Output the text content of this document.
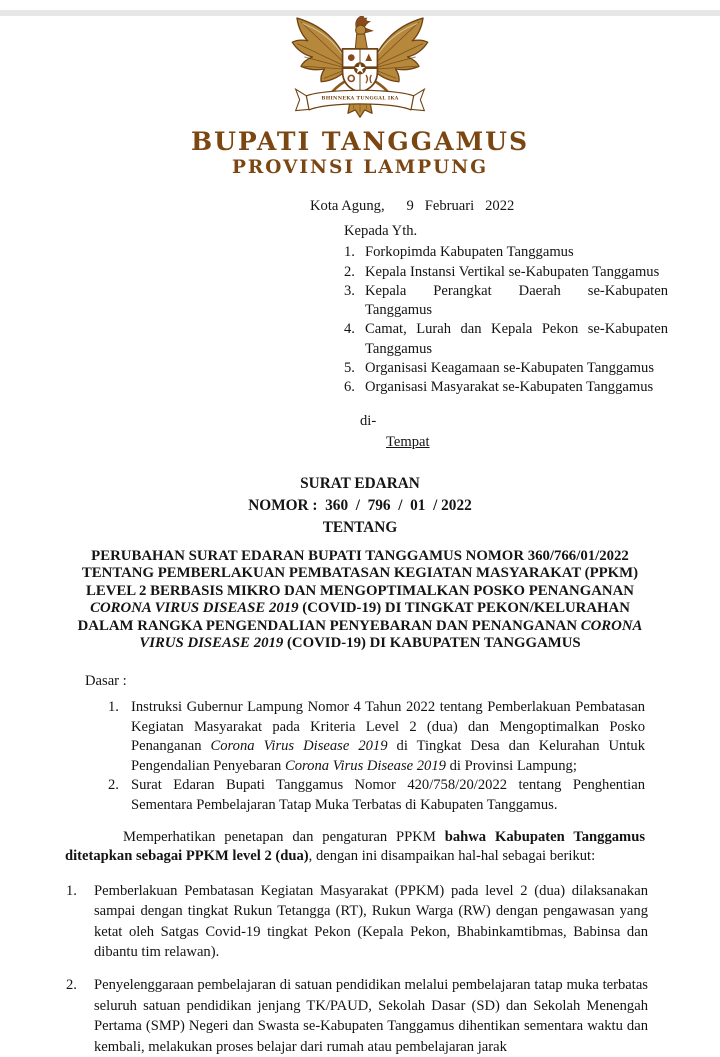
BHINNEKA TUNGGAL IKA
BUPATI TANGGAMUS
PROVINSI LAMPUNG
Kota Agung,      9   Februari   2022
Kepada Yth.
Forkopimda Kabupaten Tanggamus
Kepala Instansi Vertikal se-Kabupaten Tanggamus
Kepala Perangkat Daerah se-Kabupaten Tanggamus
Camat, Lurah dan Kepala Pekon se-Kabupaten Tanggamus
Organisasi Keagamaan se-Kabupaten Tanggamus
Organisasi Masyarakat se-Kabupaten Tanggamus
di-
Tempat
SURAT EDARAN
NOMOR :  360  /  796  /  01  / 2022
TENTANG
PERUBAHAN SURAT EDARAN BUPATI TANGGAMUS NOMOR 360/766/01/2022 TENTANG PEMBERLAKUAN PEMBATASAN KEGIATAN MASYARAKAT (PPKM) LEVEL 2 BERBASIS MIKRO DAN MENGOPTIMALKAN POSKO PENANGANAN CORONA VIRUS DISEASE 2019 (COVID-19) DI TINGKAT PEKON/KELURAHAN DALAM RANGKA PENGENDALIAN PENYEBARAN DAN PENANGANAN CORONA VIRUS DISEASE 2019 (COVID-19) DI KABUPATEN TANGGAMUS
Dasar :
Instruksi Gubernur Lampung Nomor 4 Tahun 2022 tentang Pemberlakuan Pembatasan Kegiatan Masyarakat pada Kriteria Level 2 (dua) dan Mengoptimalkan Posko Penanganan Corona Virus Disease 2019 di Tingkat Desa dan Kelurahan Untuk Pengendalian Penyebaran Corona Virus Disease 2019 di Provinsi Lampung;
Surat Edaran Bupati Tanggamus Nomor 420/758/20/2022 tentang Penghentian Sementara Pembelajaran Tatap Muka Terbatas di Kabupaten Tanggamus.
Memperhatikan penetapan dan pengaturan PPKM bahwa Kabupaten Tanggamus ditetapkan sebagai PPKM level 2 (dua), dengan ini disampaikan hal-hal sebagai berikut:
Pemberlakuan Pembatasan Kegiatan Masyarakat (PPKM) pada level 2 (dua) dilaksanakan sampai dengan tingkat Rukun Tetangga (RT), Rukun Warga (RW) dengan pengawasan yang ketat oleh Satgas Covid-19 tingkat Pekon (Kepala Pekon, Bhabinkamtibmas, Babinsa dan dibantu tim relawan).
Penyelenggaraan pembelajaran di satuan pendidikan melalui pembelajaran tatap muka terbatas seluruh satuan pendidikan jenjang TK/PAUD, Sekolah Dasar (SD) dan Sekolah Menengah Pertama (SMP) Negeri dan Swasta se-Kabupaten Tanggamus dihentikan sementara waktu dan kembali, melakukan proses belajar dari rumah atau pembelajaran jarak
